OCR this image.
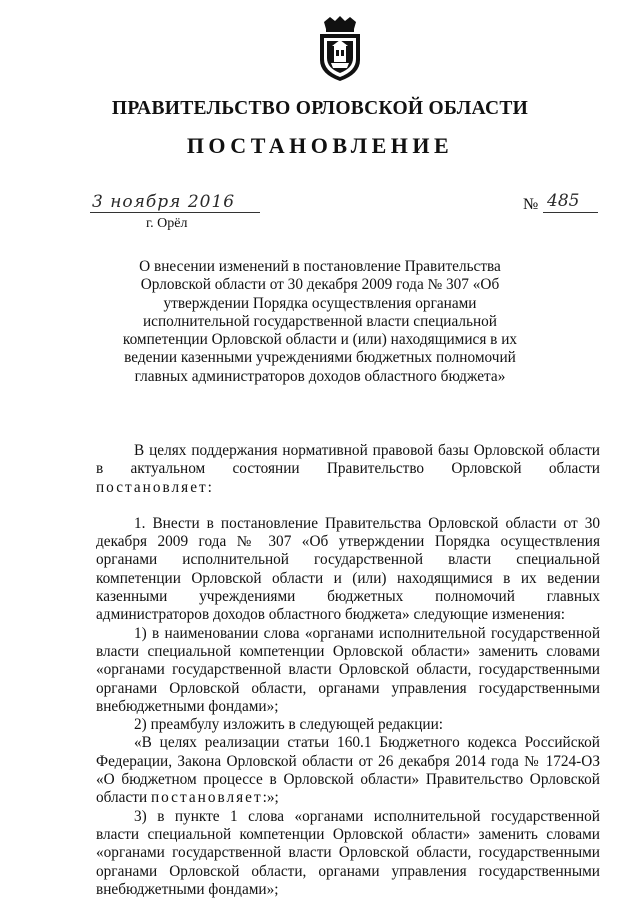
ПРАВИТЕЛЬСТВО ОРЛОВСКОЙ ОБЛАСТИ
ПОСТАНОВЛЕНИЕ
3 ноября 2016
г. Орёл
№ 485
О внесении изменений в постановление Правительства Орловской области от 30 декабря 2009 года № 307 «Об утверждении Порядка осуществления органами исполнительной государственной власти специальной компетенции Орловской области и (или) находящимися в их ведении казенными учреждениями бюджетных полномочий главных администраторов доходов областного бюджета»

В целях поддержания нормативной правовой базы Орловской области в актуальном состоянии Правительство Орловской области постановляет:

1. Внести в постановление Правительства Орловской области от 30 декабря 2009 года № 307 «Об утверждении Порядка осуществления органами исполнительной государственной власти специальной компетенции Орловской области и (или) находящимися в их ведении казенными учреждениями бюджетных полномочий главных администраторов доходов областного бюджета» следующие изменения:

1) в наименовании слова «органами исполнительной государственной власти специальной компетенции Орловской области» заменить словами «органами государственной власти Орловской области, государственными органами Орловской области, органами управления государственными внебюджетными фондами»;

2) преамбулу изложить в следующей редакции:

«В целях реализации статьи 160.1 Бюджетного кодекса Российской Федерации, Закона Орловской области от 26 декабря 2014 года № 1724-ОЗ «О бюджетном процессе в Орловской области» Правительство Орловской области постановляет:»;

3) в пункте 1 слова «органами исполнительной государственной власти специальной компетенции Орловской области» заменить словами «органами государственной власти Орловской области, государственными органами Орловской области, органами управления государственными внебюджетными фондами»;
